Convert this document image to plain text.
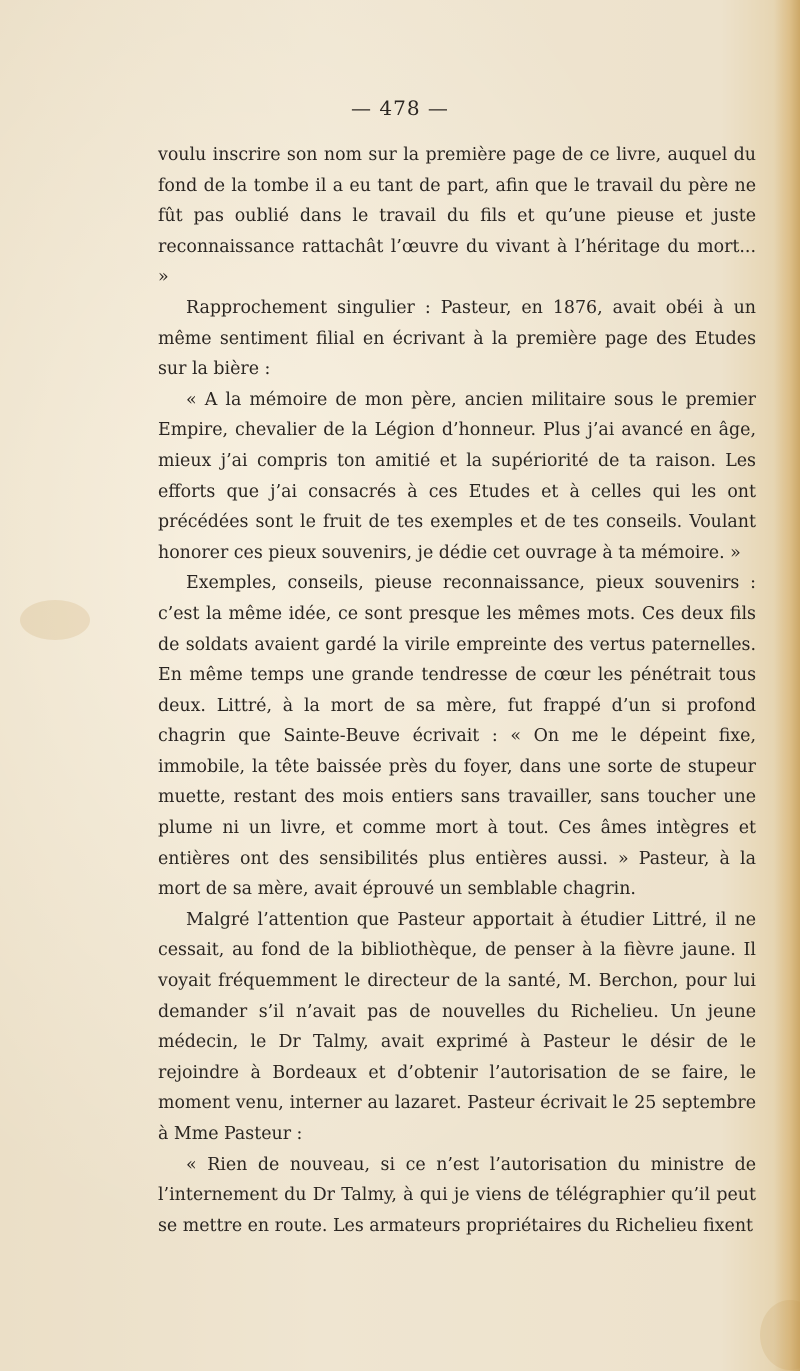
— 478 —

voulu inscrire son nom sur la première page de ce livre, auquel du fond de la tombe il a eu tant de part, afin que le travail du père ne fût pas oublié dans le travail du fils et qu’une pieuse et juste reconnaissance rattachât l’œuvre du vivant à l’héritage du mort... »

Rapprochement singulier : Pasteur, en 1876, avait obéi à un même sentiment filial en écrivant à la première page des Etudes sur la bière :

« A la mémoire de mon père, ancien militaire sous le premier Empire, chevalier de la Légion d’honneur. Plus j’ai avancé en âge, mieux j’ai compris ton amitié et la supériorité de ta raison. Les efforts que j’ai consacrés à ces Etudes et à celles qui les ont précédées sont le fruit de tes exemples et de tes conseils. Voulant honorer ces pieux souvenirs, je dédie cet ouvrage à ta mémoire. »

Exemples, conseils, pieuse reconnaissance, pieux souvenirs : c’est la même idée, ce sont presque les mêmes mots. Ces deux fils de soldats avaient gardé la virile empreinte des vertus paternelles. En même temps une grande tendresse de cœur les pénétrait tous deux. Littré, à la mort de sa mère, fut frappé d’un si profond chagrin que Sainte-Beuve écrivait : « On me le dépeint fixe, immobile, la tête baissée près du foyer, dans une sorte de stupeur muette, restant des mois entiers sans travailler, sans toucher une plume ni un livre, et comme mort à tout. Ces âmes intègres et entières ont des sensibilités plus entières aussi. » Pasteur, à la mort de sa mère, avait éprouvé un semblable chagrin.

Malgré l’attention que Pasteur apportait à étudier Littré, il ne cessait, au fond de la bibliothèque, de penser à la fièvre jaune. Il voyait fréquemment le directeur de la santé, M. Berchon, pour lui demander s’il n’avait pas de nouvelles du Richelieu. Un jeune médecin, le Dr Talmy, avait exprimé à Pasteur le désir de le rejoindre à Bordeaux et d’obtenir l’autorisation de se faire, le moment venu, interner au lazaret. Pasteur écrivait le 25 septembre à Mme Pasteur :

« Rien de nouveau, si ce n’est l’autorisation du ministre de l’internement du Dr Talmy, à qui je viens de télégraphier qu’il peut se mettre en route. Les armateurs propriétaires du Richelieu fixent
